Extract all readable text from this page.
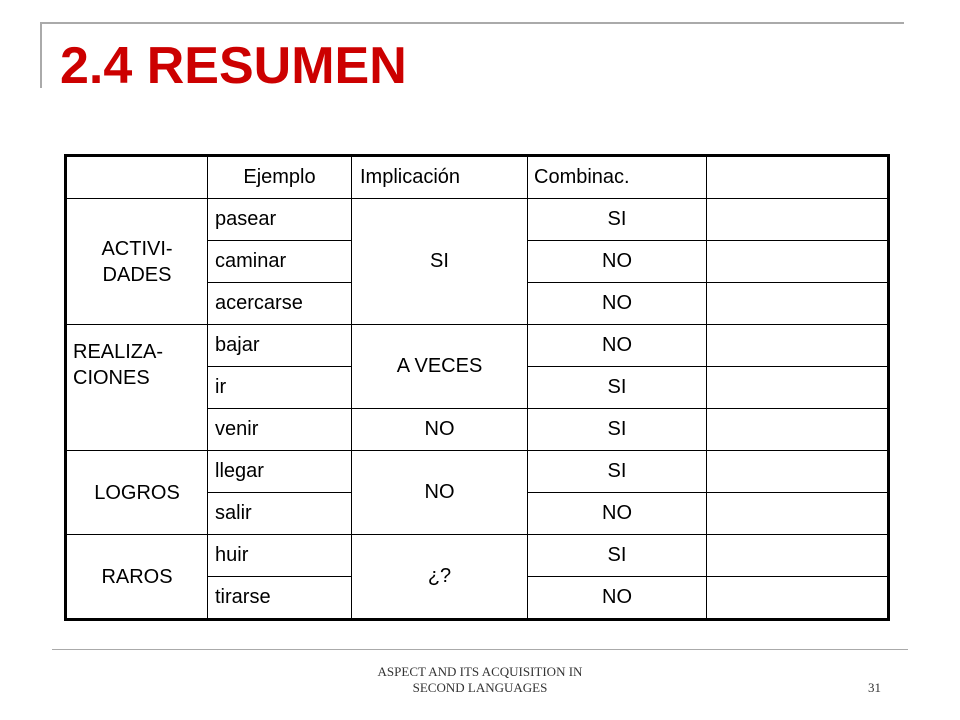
2.4 RESUMEN
	Ejemplo	Implicación	Combinac.	
ACTIVI-
DADES	pasear	SI	SI	
	caminar		NO	
	acercarse		NO	
REALIZA-
CIONES	bajar	A VECES	NO	
	ir		SI	
	venir	NO	SI	
LOGROS	llegar	NO	SI	
	salir		NO	
RAROS	huir	¿?	SI	
	tirarse		NO	
ASPECT AND ITS ACQUISITION IN
SECOND LANGUAGES	31
